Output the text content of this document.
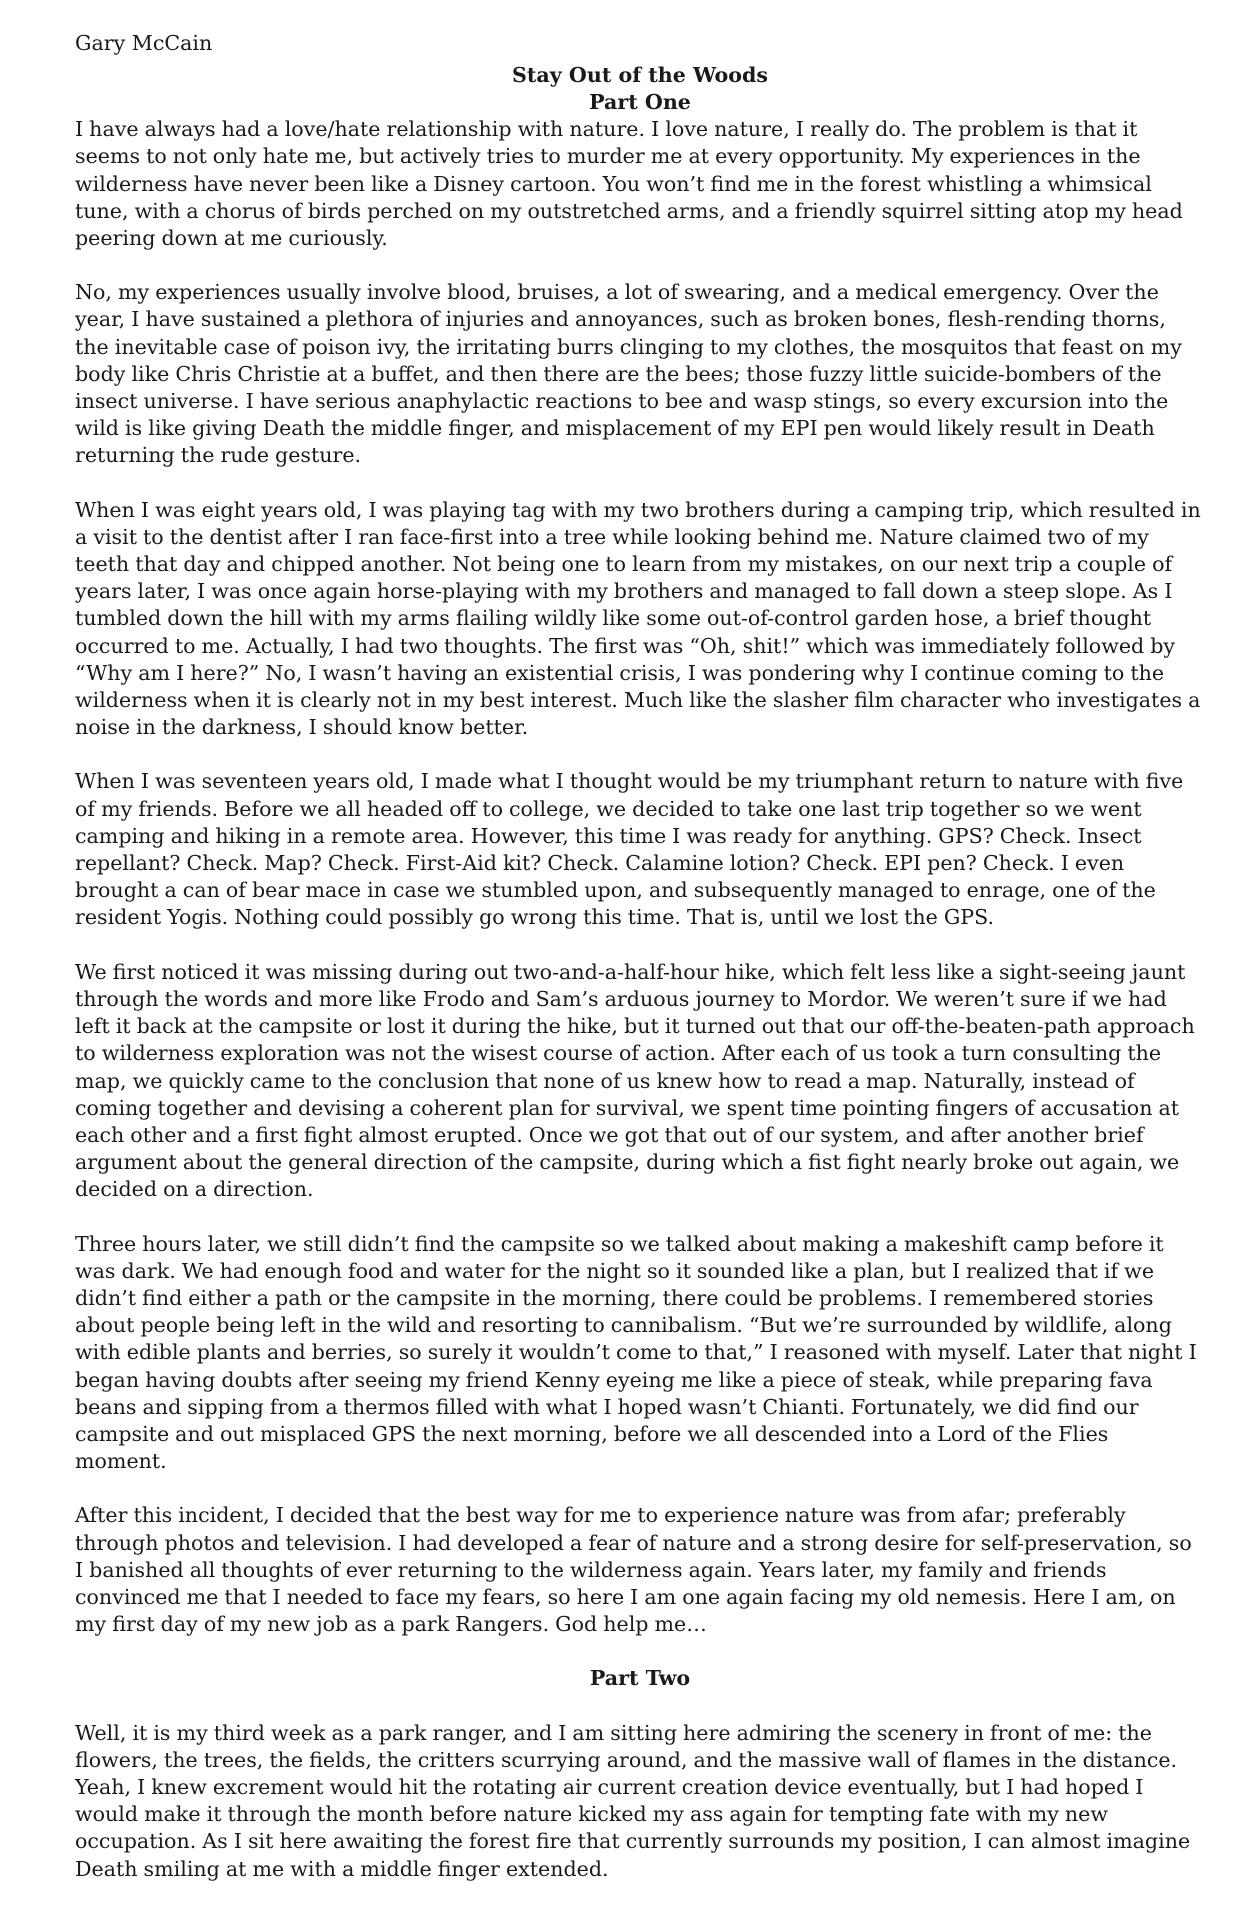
Gary McCain
Stay Out of the Woods
Part One

I have always had a love/hate relationship with nature. I love nature, I really do. The problem is that it seems to not only hate me, but actively tries to murder me at every opportunity. My experiences in the wilderness have never been like a Disney cartoon. You won’t find me in the forest whistling a whimsical tune, with a chorus of birds perched on my outstretched arms, and a friendly squirrel sitting atop my head peering down at me curiously.

No, my experiences usually involve blood, bruises, a lot of swearing, and a medical emergency. Over the year, I have sustained a plethora of injuries and annoyances, such as broken bones, flesh-rending thorns, the inevitable case of poison ivy, the irritating burrs clinging to my clothes, the mosquitos that feast on my body like Chris Christie at a buffet, and then there are the bees; those fuzzy little suicide-bombers of the insect universe. I have serious anaphylactic reactions to bee and wasp stings, so every excursion into the wild is like giving Death the middle finger, and misplacement of my EPI pen would likely result in Death returning the rude gesture.

When I was eight years old, I was playing tag with my two brothers during a camping trip, which resulted in a visit to the dentist after I ran face-first into a tree while looking behind me. Nature claimed two of my teeth that day and chipped another. Not being one to learn from my mistakes, on our next trip a couple of years later, I was once again horse-playing with my brothers and managed to fall down a steep slope. As I tumbled down the hill with my arms flailing wildly like some out-of-control garden hose, a brief thought occurred to me. Actually, I had two thoughts. The first was “Oh, shit!” which was immediately followed by “Why am I here?” No, I wasn’t having an existential crisis, I was pondering why I continue coming to the wilderness when it is clearly not in my best interest. Much like the slasher film character who investigates a noise in the darkness, I should know better.

When I was seventeen years old, I made what I thought would be my triumphant return to nature with five of my friends. Before we all headed off to college, we decided to take one last trip together so we went camping and hiking in a remote area. However, this time I was ready for anything. GPS? Check. Insect repellant? Check. Map? Check. First-Aid kit? Check. Calamine lotion? Check. EPI pen? Check. I even brought a can of bear mace in case we stumbled upon, and subsequently managed to enrage, one of the resident Yogis. Nothing could possibly go wrong this time. That is, until we lost the GPS.

We first noticed it was missing during out two-and-a-half-hour hike, which felt less like a sight-seeing jaunt through the words and more like Frodo and Sam’s arduous journey to Mordor. We weren’t sure if we had left it back at the campsite or lost it during the hike, but it turned out that our off-the-beaten-path approach to wilderness exploration was not the wisest course of action. After each of us took a turn consulting the map, we quickly came to the conclusion that none of us knew how to read a map. Naturally, instead of coming together and devising a coherent plan for survival, we spent time pointing fingers of accusation at each other and a first fight almost erupted. Once we got that out of our system, and after another brief argument about the general direction of the campsite, during which a fist fight nearly broke out again, we decided on a direction.

Three hours later, we still didn’t find the campsite so we talked about making a makeshift camp before it was dark. We had enough food and water for the night so it sounded like a plan, but I realized that if we didn’t find either a path or the campsite in the morning, there could be problems. I remembered stories about people being left in the wild and resorting to cannibalism. “But we’re surrounded by wildlife, along with edible plants and berries, so surely it wouldn’t come to that,” I reasoned with myself. Later that night I began having doubts after seeing my friend Kenny eyeing me like a piece of steak, while preparing fava beans and sipping from a thermos filled with what I hoped wasn’t Chianti. Fortunately, we did find our campsite and out misplaced GPS the next morning, before we all descended into a Lord of the Flies moment.

After this incident, I decided that the best way for me to experience nature was from afar; preferably through photos and television. I had developed a fear of nature and a strong desire for self-preservation, so I banished all thoughts of ever returning to the wilderness again. Years later, my family and friends convinced me that I needed to face my fears, so here I am one again facing my old nemesis. Here I am, on my first day of my new job as a park Rangers. God help me…

Part Two

Well, it is my third week as a park ranger, and I am sitting here admiring the scenery in front of me: the flowers, the trees, the fields, the critters scurrying around, and the massive wall of flames in the distance. Yeah, I knew excrement would hit the rotating air current creation device eventually, but I had hoped I would make it through the month before nature kicked my ass again for tempting fate with my new occupation. As I sit here awaiting the forest fire that currently surrounds my position, I can almost imagine Death smiling at me with a middle finger extended.
